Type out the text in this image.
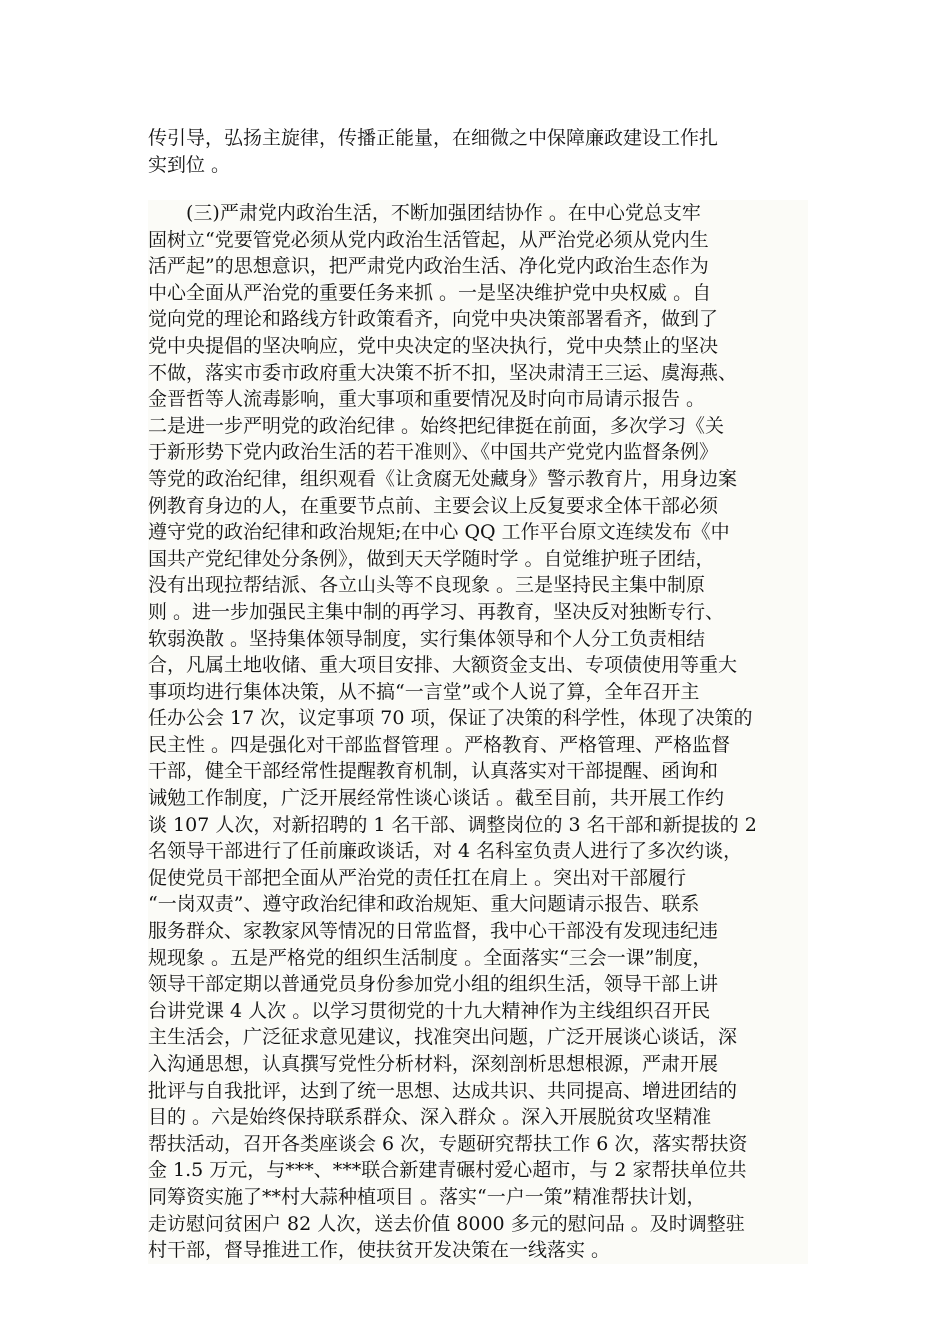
传引导，弘扬主旋律，传播正能量，在细微之中保障廉政建设工作扎
实到位 。
　　(三)严肃党内政治生活，不断加强团结协作 。在中心党总支牢
固树立“党要管党必须从党内政治生活管起，从严治党必须从党内生
活严起”的思想意识，把严肃党内政治生活、净化党内政治生态作为
中心全面从严治党的重要任务来抓 。一是坚决维护党中央权威 。自
觉向党的理论和路线方针政策看齐，向党中央决策部署看齐，做到了
党中央提倡的坚决响应，党中央决定的坚决执行，党中央禁止的坚决
不做，落实市委市政府重大决策不折不扣，坚决肃清王三运、虞海燕、
金晋哲等人流毒影响，重大事项和重要情况及时向市局请示报告 。
二是进一步严明党的政治纪律 。始终把纪律挺在前面，多次学习《关
于新形势下党内政治生活的若干准则》、《中国共产党党内监督条例》
等党的政治纪律，组织观看《让贪腐无处藏身》警示教育片，用身边案
例教育身边的人，在重要节点前、主要会议上反复要求全体干部必须
遵守党的政治纪律和政治规矩;在中心 QQ 工作平台原文连续发布《中
国共产党纪律处分条例》，做到天天学随时学 。自觉维护班子团结，
没有出现拉帮结派、各立山头等不良现象 。三是坚持民主集中制原
则 。进一步加强民主集中制的再学习、再教育，坚决反对独断专行、
软弱涣散 。坚持集体领导制度，实行集体领导和个人分工负责相结
合，凡属土地收储、重大项目安排、大额资金支出、专项债使用等重大
事项均进行集体决策，从不搞“一言堂”或个人说了算，全年召开主
任办公会 17 次，议定事项 70 项，保证了决策的科学性，体现了决策的
民主性 。四是强化对干部监督管理 。严格教育、严格管理、严格监督
干部，健全干部经常性提醒教育机制，认真落实对干部提醒、函询和
诫勉工作制度，广泛开展经常性谈心谈话 。截至目前，共开展工作约
谈 107 人次，对新招聘的 1 名干部、调整岗位的 3 名干部和新提拔的 2
名领导干部进行了任前廉政谈话，对 4 名科室负责人进行了多次约谈，
促使党员干部把全面从严治党的责任扛在肩上 。突出对干部履行
“一岗双责”、遵守政治纪律和政治规矩、重大问题请示报告、联系
服务群众、家教家风等情况的日常监督，我中心干部没有发现违纪违
规现象 。五是严格党的组织生活制度 。全面落实“三会一课”制度，
领导干部定期以普通党员身份参加党小组的组织生活，领导干部上讲
台讲党课 4 人次 。以学习贯彻党的十九大精神作为主线组织召开民
主生活会，广泛征求意见建议，找准突出问题，广泛开展谈心谈话，深
入沟通思想，认真撰写党性分析材料，深刻剖析思想根源，严肃开展
批评与自我批评，达到了统一思想、达成共识、共同提高、增进团结的
目的 。六是始终保持联系群众、深入群众 。深入开展脱贫攻坚精准
帮扶活动，召开各类座谈会 6 次，专题研究帮扶工作 6 次，落实帮扶资
金 1.5 万元，与***、***联合新建青碾村爱心超市，与 2 家帮扶单位共
同筹资实施了**村大蒜种植项目 。落实“一户一策”精准帮扶计划，
走访慰问贫困户 82 人次，送去价值 8000 多元的慰问品 。及时调整驻
村干部，督导推进工作，使扶贫开发决策在一线落实 。
